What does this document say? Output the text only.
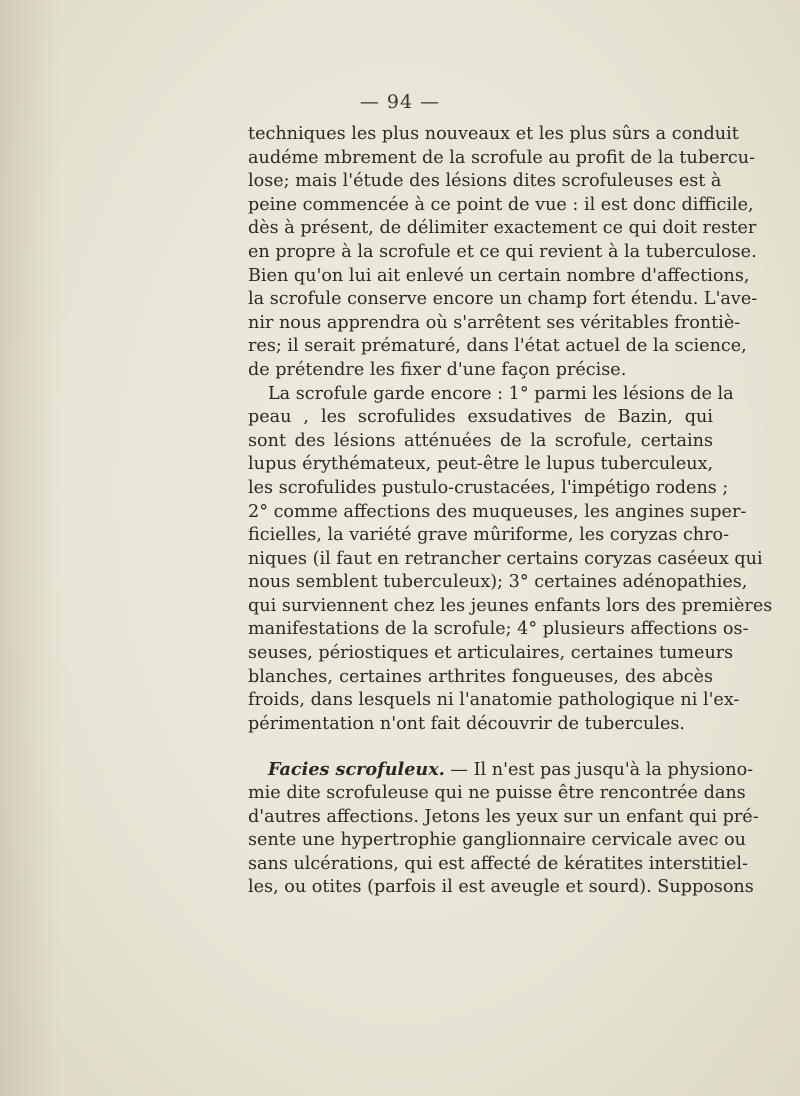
— 94 —

techniques les plus nouveaux et les plus sûrs a conduit
audéme mbrement de la scrofule au profit de la tubercu-
lose; mais l'étude des lésions dites scrofuleuses est à
peine commencée à ce point de vue : il est donc difficile,
dès à présent, de délimiter exactement ce qui doit rester
en propre à la scrofule et ce qui revient à la tuberculose.
Bien qu'on lui ait enlevé un certain nombre d'affections,
la scrofule conserve encore un champ fort étendu. L'ave-
nir nous apprendra où s'arrêtent ses véritables frontiè-
res; il serait prématuré, dans l'état actuel de la science,
de prétendre les fixer d'une façon précise.
La scrofule garde encore : 1° parmi les lésions de la
peau , les scrofulides exsudatives de Bazin, qui
sont des lésions atténuées de la scrofule, certains
lupus érythémateux, peut-être le lupus tuberculeux,
les scrofulides pustulo-crustacées, l'impétigo rodens ;
2° comme affections des muqueuses, les angines super-
ficielles, la variété grave mûriforme, les coryzas chro-
niques (il faut en retrancher certains coryzas caséeux qui
nous semblent tuberculeux); 3° certaines adénopathies,
qui surviennent chez les jeunes enfants lors des premières
manifestations de la scrofule; 4° plusieurs affections os-
seuses, périostiques et articulaires, certaines tumeurs
blanches, certaines arthrites fongueuses, des abcès
froids, dans lesquels ni l'anatomie pathologique ni l'ex-
périmentation n'ont fait découvrir de tubercules.
Facies scrofuleux. — Il n'est pas jusqu'à la physiono-
mie dite scrofuleuse qui ne puisse être rencontrée dans
d'autres affections. Jetons les yeux sur un enfant qui pré-
sente une hypertrophie ganglionnaire cervicale avec ou
sans ulcérations, qui est affecté de kératites interstitiel-
les, ou otites (parfois il est aveugle et sourd). Supposons
